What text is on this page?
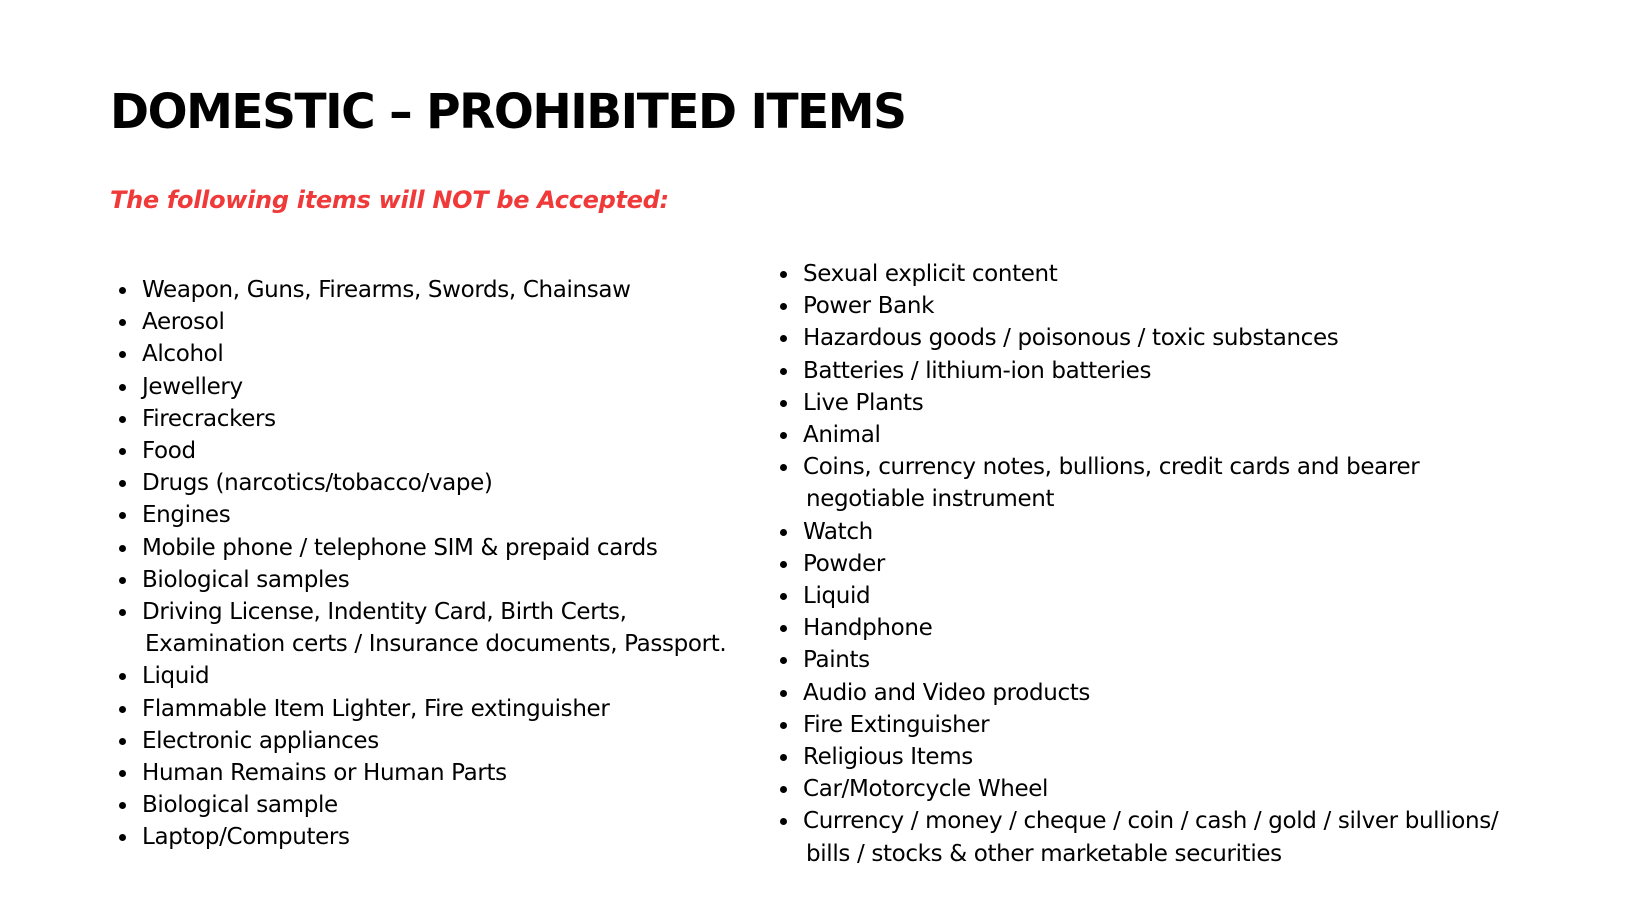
DOMESTIC – PROHIBITED ITEMS

The following items will NOT be Accepted:

Weapon, Guns, Firearms, Swords, Chainsaw
Aerosol
Alcohol
Jewellery
Firecrackers
Food
Drugs (narcotics/tobacco/vape)
Engines
Mobile phone / telephone SIM & prepaid cards
Biological samples
Driving License, Indentity Card, Birth Certs,
Examination certs / Insurance documents, Passport.
Liquid
Flammable Item Lighter, Fire extinguisher
Electronic appliances
Human Remains or Human Parts
Biological sample
Laptop/Computers
Sexual explicit content
Power Bank
Hazardous goods / poisonous / toxic substances
Batteries / lithium-ion batteries
Live Plants
Animal
Coins, currency notes, bullions, credit cards and bearer
negotiable instrument
Watch
Powder
Liquid
Handphone
Paints
Audio and Video products
Fire Extinguisher
Religious Items
Car/Motorcycle Wheel
Currency / money / cheque / coin / cash / gold / silver bullions/
bills / stocks & other marketable securities
